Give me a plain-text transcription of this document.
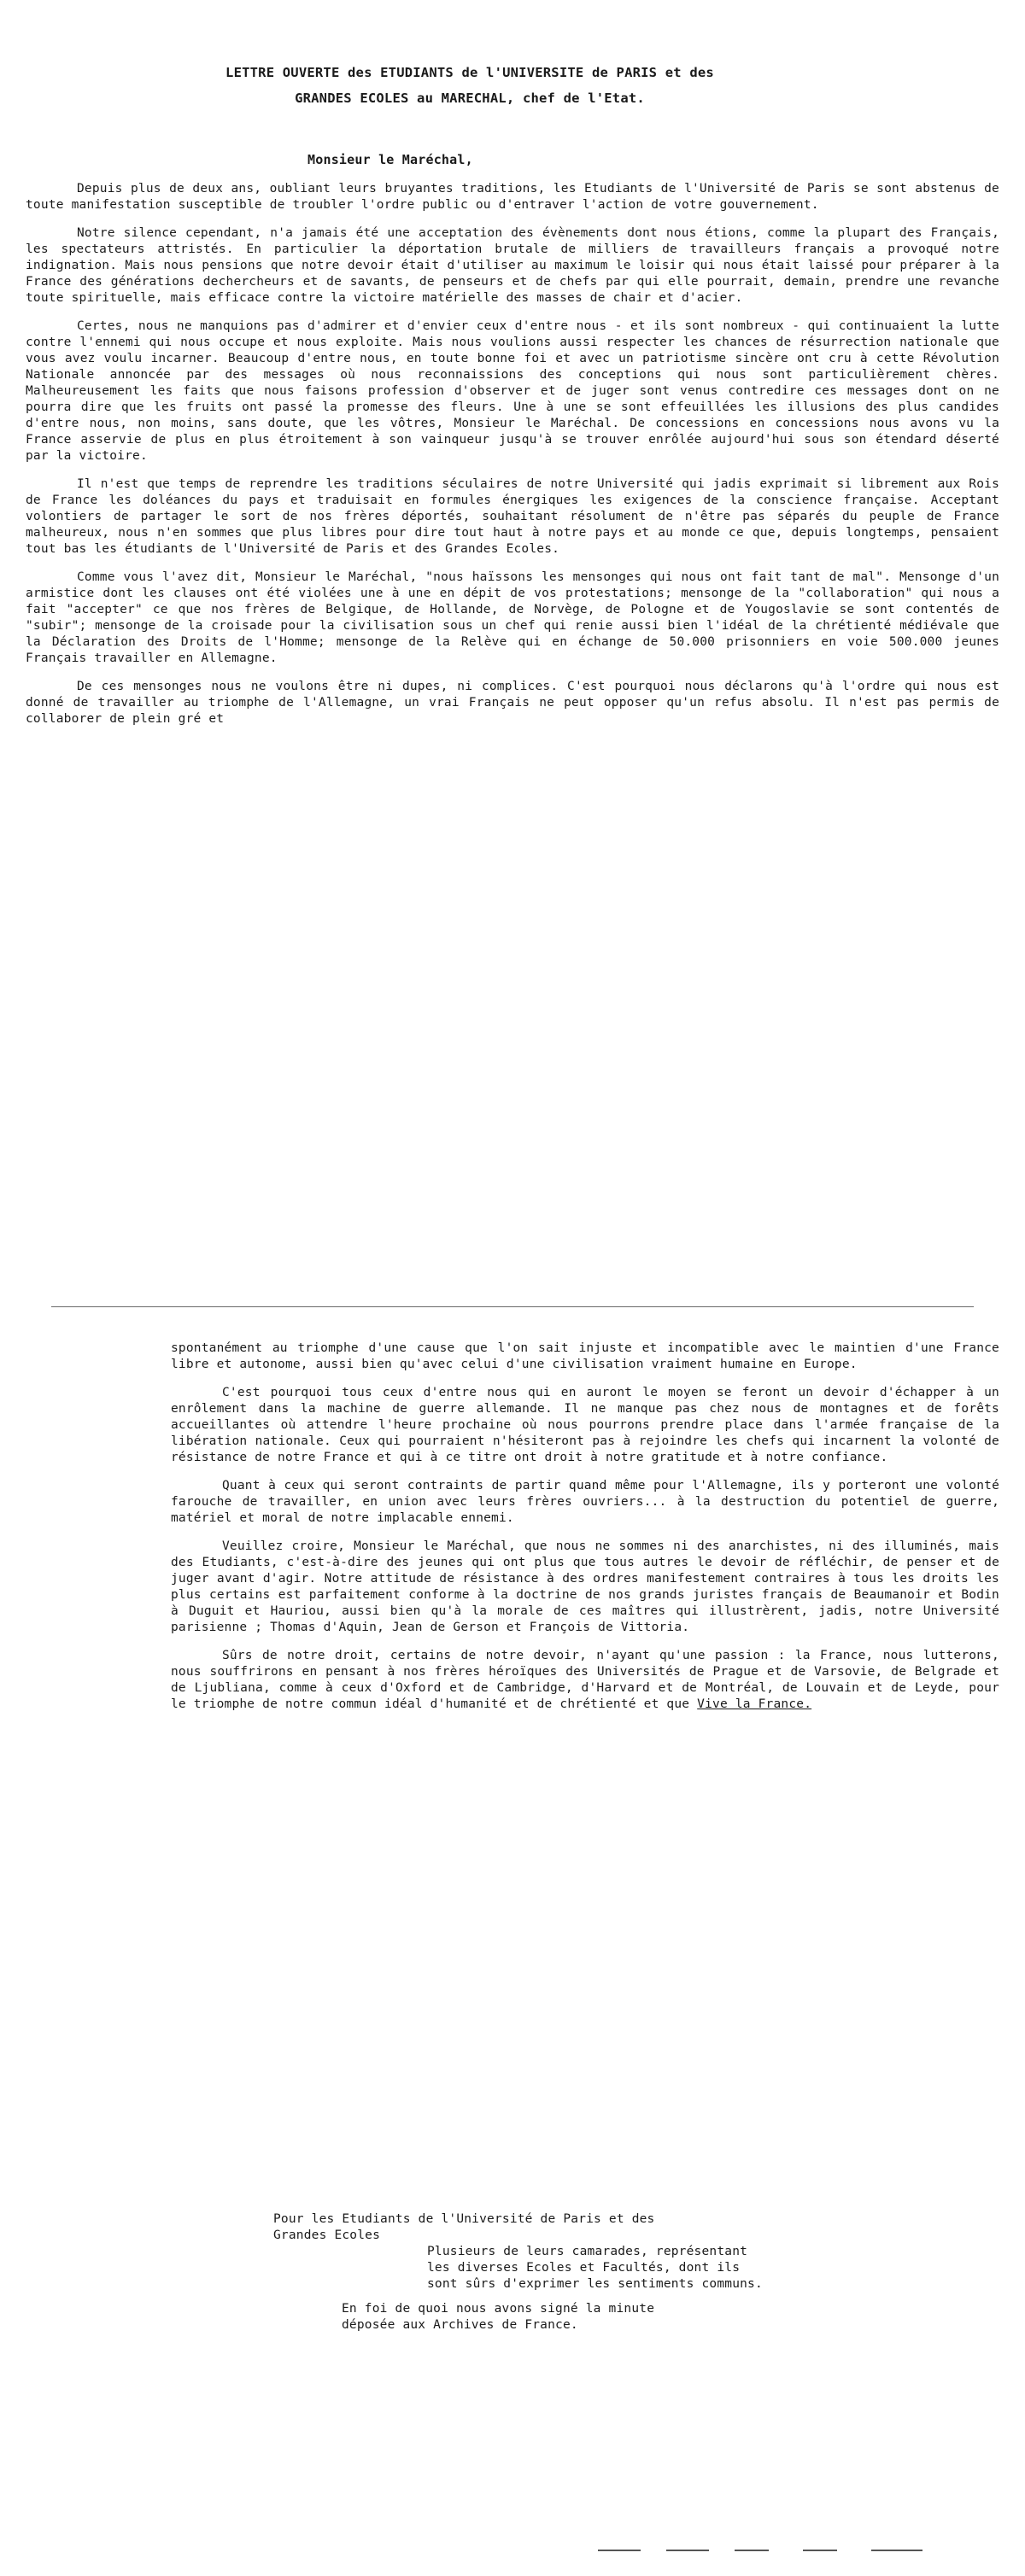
LETTRE OUVERTE des ETUDIANTS de l'UNIVERSITE de PARIS et des
GRANDES ECOLES au MARECHAL, chef de l'Etat.
Monsieur le Maréchal,

Depuis plus de deux ans, oubliant leurs bruyantes traditions, les Etudiants de l'Université de Paris se sont abstenus de toute manifestation susceptible de troubler l'ordre public ou d'entraver l'action de votre gouvernement.

Notre silence cependant, n'a jamais été une acceptation des évènements dont nous étions, comme la plupart des Français, les spectateurs attristés. En particulier la déportation brutale de milliers de travailleurs français a provoqué notre indignation. Mais nous pensions que notre devoir était d'utiliser au maximum le loisir qui nous était laissé pour préparer à la France des générations dechercheurs et de savants, de penseurs et de chefs par qui elle pourrait, demain, prendre une revanche toute spirituelle, mais efficace contre la victoire matérielle des masses de chair et d'acier.

Certes, nous ne manquions pas d'admirer et d'envier ceux d'entre nous - et ils sont nombreux - qui continuaient la lutte contre l'ennemi qui nous occupe et nous exploite. Mais nous voulions aussi respecter les chances de résurrection nationale que vous avez voulu incarner. Beaucoup d'entre nous, en toute bonne foi et avec un patriotisme sincère ont cru à cette Révolution Nationale annoncée par des messages où nous reconnaissions des conceptions qui nous sont particulièrement chères. Malheureusement les faits que nous faisons profession d'observer et de juger sont venus contredire ces messages dont on ne pourra dire que les fruits ont passé la promesse des fleurs. Une à une se sont effeuillées les illusions des plus candides d'entre nous, non moins, sans doute, que les vôtres, Monsieur le Maréchal. De concessions en concessions nous avons vu la France asservie de plus en plus étroitement à son vainqueur jusqu'à se trouver enrôlée aujourd'hui sous son étendard déserté par la victoire.

Il n'est que temps de reprendre les traditions séculaires de notre Université qui jadis exprimait si librement aux Rois de France les doléances du pays et traduisait en formules énergiques les exigences de la conscience française. Acceptant volontiers de partager le sort de nos frères déportés, souhaitant résolument de n'être pas séparés du peuple de France malheureux, nous n'en sommes que plus libres pour dire tout haut à notre pays et au monde ce que, depuis longtemps, pensaient tout bas les étudiants de l'Université de Paris et des Grandes Ecoles.

Comme vous l'avez dit, Monsieur le Maréchal, "nous haïssons les mensonges qui nous ont fait tant de mal". Mensonge d'un armistice dont les clauses ont été violées une à une en dépit de vos protestations; mensonge de la "collaboration" qui nous a fait "accepter" ce que nos frères de Belgique, de Hollande, de Norvège, de Pologne et de Yougoslavie se sont contentés de "subir"; mensonge de la croisade pour la civilisation sous un chef qui renie aussi bien l'idéal de la chrétienté médiévale que la Déclaration des Droits de l'Homme; mensonge de la Relève qui en échange de 50.000 prisonniers en voie 500.000 jeunes Français travailler en Allemagne.

De ces mensonges nous ne voulons être ni dupes, ni complices. C'est pourquoi nous déclarons qu'à l'ordre qui nous est donné de travailler au triomphe de l'Allemagne, un vrai Français ne peut opposer qu'un refus absolu. Il n'est pas permis de collaborer de plein gré et

spontanément au triomphe d'une cause que l'on sait injuste et incompatible avec le maintien d'une France libre et autonome, aussi bien qu'avec celui d'une civilisation vraiment humaine en Europe.

C'est pourquoi tous ceux d'entre nous qui en auront le moyen se feront un devoir d'échapper à un enrôlement dans la machine de guerre allemande. Il ne manque pas chez nous de montagnes et de forêts accueillantes où attendre l'heure prochaine où nous pourrons prendre place dans l'armée française de la libération nationale. Ceux qui pourraient n'hésiteront pas à rejoindre les chefs qui incarnent la volonté de résistance de notre France et qui à ce titre ont droit à notre gratitude et à notre confiance.

Quant à ceux qui seront contraints de partir quand même pour l'Allemagne, ils y porteront une volonté farouche de travailler, en union avec leurs frères ouvriers... à la destruction du potentiel de guerre, matériel et moral de notre implacable ennemi.

Veuillez croire, Monsieur le Maréchal, que nous ne sommes ni des anarchistes, ni des illuminés, mais des Etudiants, c'est-à-dire des jeunes qui ont plus que tous autres le devoir de réfléchir, de penser et de juger avant d'agir. Notre attitude de résistance à des ordres manifestement contraires à tous les droits les plus certains est parfaitement conforme à la doctrine de nos grands juristes français de Beaumanoir et Bodin à Duguit et Hauriou, aussi bien qu'à la morale de ces maîtres qui illustrèrent, jadis, notre Université parisienne ; Thomas d'Aquin, Jean de Gerson et François de Vittoria.

Sûrs de notre droit, certains de notre devoir, n'ayant qu'une passion : la France, nous lutterons, nous souffrirons en pensant à nos frères héroïques des Universités de Prague et de Varsovie, de Belgrade et de Ljubliana, comme à ceux d'Oxford et de Cambridge, d'Harvard et de Montréal, de Louvain et de Leyde, pour le triomphe de notre commun idéal d'humanité et de chrétienté et que Vive la France.

Pour les Etudiants de l'Université de Paris et des
Grandes Ecoles
Plusieurs de leurs camarades, représentant
les diverses Ecoles et Facultés, dont ils
sont sûrs d'exprimer les sentiments communs.
En foi de quoi nous avons signé la minute
déposée aux Archives de France.
